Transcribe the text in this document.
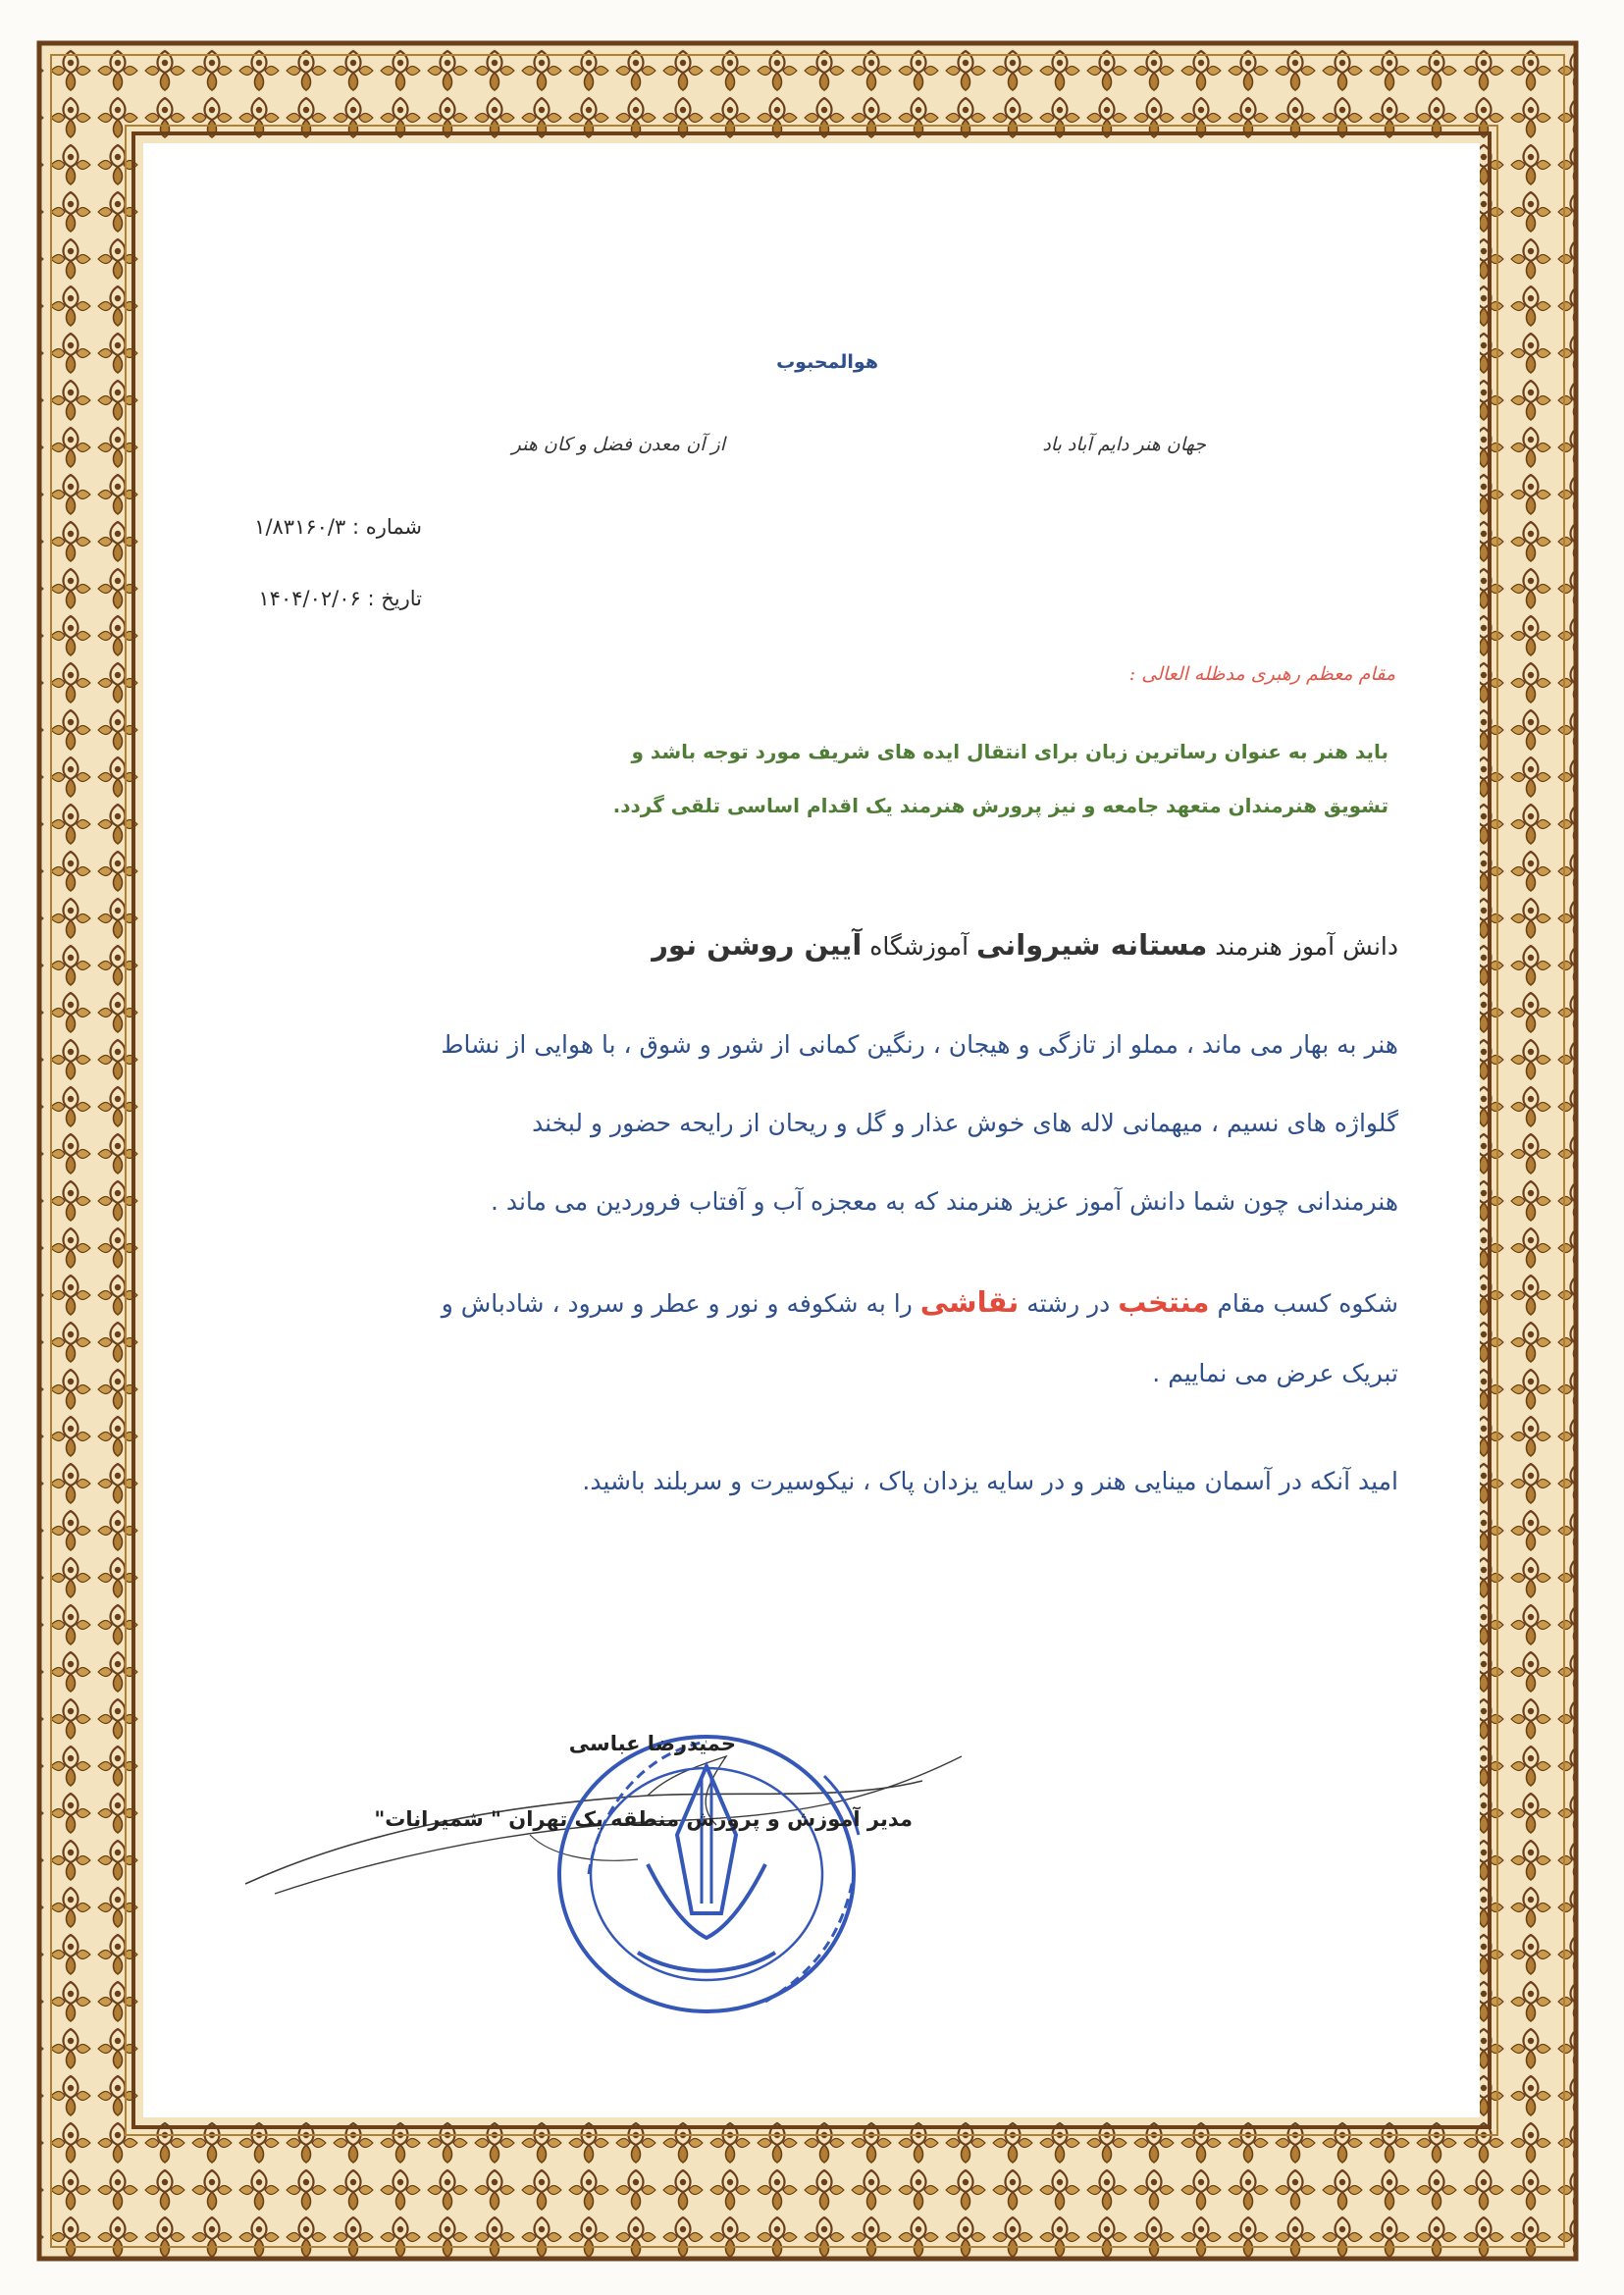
هوالمحبوب

جهان هنر دایم آباد باد

از آن معدن فضل و کان هنر

شماره : ۱/۸۳۱۶۰/۳

تاریخ : ۱۴۰۴/۰۲/۰۶

مقام معظم رهبری مدظله العالی :

باید هنر به عنوان رساترین زبان برای انتقال ایده های شریف مورد توجه باشد و

تشویق هنرمندان متعهد جامعه و نیز پرورش هنرمند یک اقدام اساسی تلقی گردد.

دانش آموز هنرمند مستانه شیروانی آموزشگاه آیین روشن نور

هنر به بهار می ماند ، مملو از تازگی و هیجان ، رنگین کمانی از شور و شوق ، با هوایی از نشاط

گلواژه های نسیم ، میهمانی لاله های خوش عذار و گل و ریحان از رایحه حضور و لبخند

هنرمندانی چون شما دانش آموز عزیز هنرمند که به معجزه آب و آفتاب فروردین می ماند .

شکوه کسب مقام منتخب در رشته نقاشی را به شکوفه و نور و عطر و سرود ، شادباش و

تبریک عرض می نماییم .

امید آنکه در آسمان مینایی هنر و در سایه یزدان پاک ، نیکوسیرت و سربلند باشید.

حمیدرضا عباسی

مدیر آموزش و پرورش منطقه یک تهران " شمیرانات"
